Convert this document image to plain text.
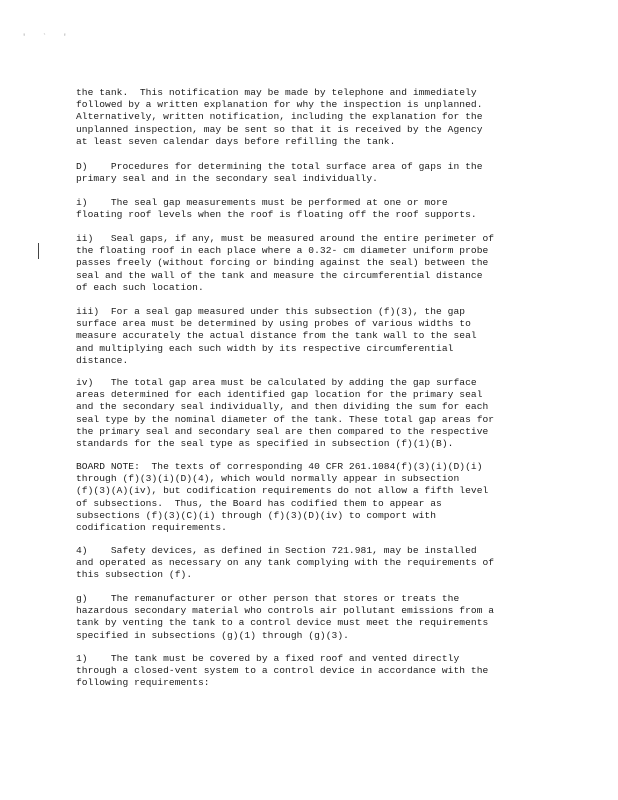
' ` '

the tank.  This notification may be made by telephone and immediately
followed by a written explanation for why the inspection is unplanned.
Alternatively, written notification, including the explanation for the
unplanned inspection, may be sent so that it is received by the Agency
at least seven calendar days before refilling the tank.

D)    Procedures for determining the total surface area of gaps in the
primary seal and in the secondary seal individually.

i)    The seal gap measurements must be performed at one or more
floating roof levels when the roof is floating off the roof supports.

ii)   Seal gaps, if any, must be measured around the entire perimeter of
the floating roof in each place where a 0.32- cm diameter uniform probe
passes freely (without forcing or binding against the seal) between the
seal and the wall of the tank and measure the circumferential distance
of each such location.

iii)  For a seal gap measured under this subsection (f)(3), the gap
surface area must be determined by using probes of various widths to
measure accurately the actual distance from the tank wall to the seal
and multiplying each such width by its respective circumferential
distance.

iv)   The total gap area must be calculated by adding the gap surface
areas determined for each identified gap location for the primary seal
and the secondary seal individually, and then dividing the sum for each
seal type by the nominal diameter of the tank. These total gap areas for
the primary seal and secondary seal are then compared to the respective
standards for the seal type as specified in subsection (f)(1)(B).

BOARD NOTE:  The texts of corresponding 40 CFR 261.1084(f)(3)(i)(D)(i)
through (f)(3)(i)(D)(4), which would normally appear in subsection
(f)(3)(A)(iv), but codification requirements do not allow a fifth level
of subsections.  Thus, the Board has codified them to appear as
subsections (f)(3)(C)(i) through (f)(3)(D)(iv) to comport with
codification requirements.

4)    Safety devices, as defined in Section 721.981, may be installed
and operated as necessary on any tank complying with the requirements of
this subsection (f).

g)    The remanufacturer or other person that stores or treats the
hazardous secondary material who controls air pollutant emissions from a
tank by venting the tank to a control device must meet the requirements
specified in subsections (g)(1) through (g)(3).

1)    The tank must be covered by a fixed roof and vented directly
through a closed-vent system to a control device in accordance with the
following requirements:
